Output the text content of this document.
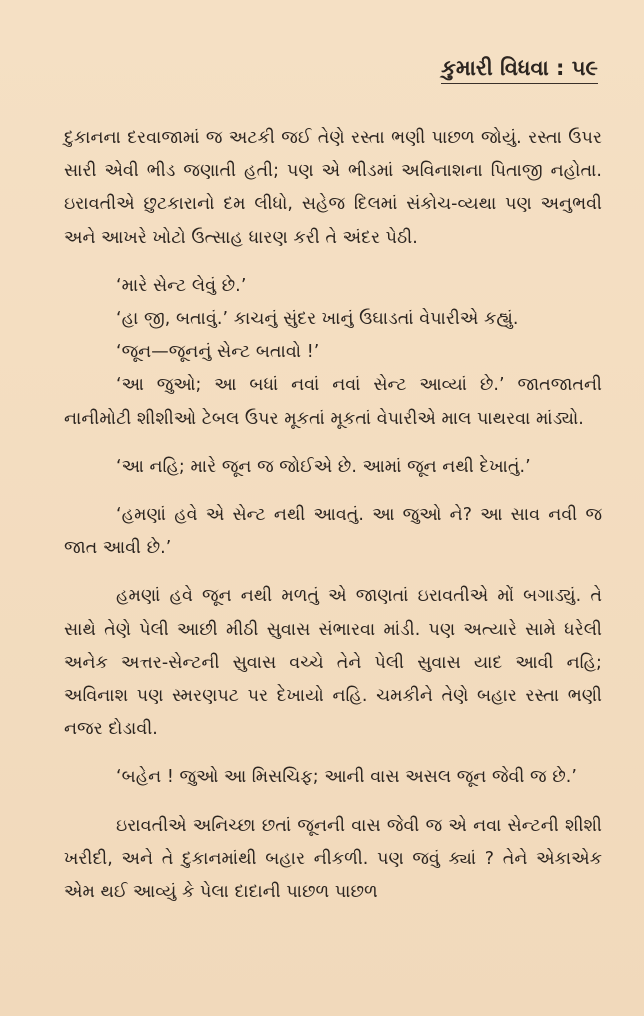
કુમારી વિધવા : ૫૯

દુકાનના દરવાજામાં જ અટકી જઈ તેણે રસ્તા ભણી પાછળ જોયું. રસ્તા ઉપર સારી એવી ભીડ જણાતી હતી; પણ એ ભીડમાં અવિનાશના પિતાજી નહોતા. ઇરાવતીએ છુટકારાનો દમ લીધો, સહેજ દિલમાં સંકોચ-વ્યથા પણ અનુભવી અને આખરે ખોટો ઉત્સાહ ધારણ કરી તે અંદર પેઠી.

‘મારે સેન્ટ લેવું છે.’

‘હા જી, બતાવું.’ કાચનું સુંદર ખાનું ઉઘાડતાં વેપારીએ કહ્યું.

‘જૂન—જૂનનું સેન્ટ બતાવો !’

‘આ જુઓ; આ બધાં નવાં નવાં સેન્ટ આવ્યાં છે.’ જાતજાતની નાનીમોટી શીશીઓ ટેબલ ઉપર મૂકતાં મૂકતાં વેપારીએ માલ પાથરવા માંડ્યો.

‘આ નહિ; મારે જૂન જ જોઈએ છે. આમાં જૂન નથી દેખાતું.’

‘હમણાં હવે એ સેન્ટ નથી આવતું. આ જુઓ ને? આ સાવ નવી જ જાત આવી છે.’

હમણાં હવે જૂન નથી મળતું એ જાણતાં ઇરાવતીએ મોં બગાડ્યું. તે સાથે તેણે પેલી આછી મીઠી સુવાસ સંભારવા માંડી. પણ અત્યારે સામે ધરેલી અનેક અત્તર-સેન્ટની સુવાસ વચ્ચે તેને પેલી સુવાસ યાદ આવી નહિ; અવિનાશ પણ સ્મરણપટ પર દેખાયો નહિ. ચમકીને તેણે બહાર રસ્તા ભણી નજર દોડાવી.

‘બહેન ! જુઓ આ મિસચિફ; આની વાસ અસલ જૂન જેવી જ છે.’

ઇરાવતીએ અનિચ્છા છતાં જૂનની વાસ જેવી જ એ નવા સેન્ટની શીશી ખરીદી, અને તે દુકાનમાંથી બહાર નીકળી. પણ જવું ક્યાં ? તેને એકાએક એમ થઈ આવ્યું કે પેલા દાદાની પાછળ પાછળ
